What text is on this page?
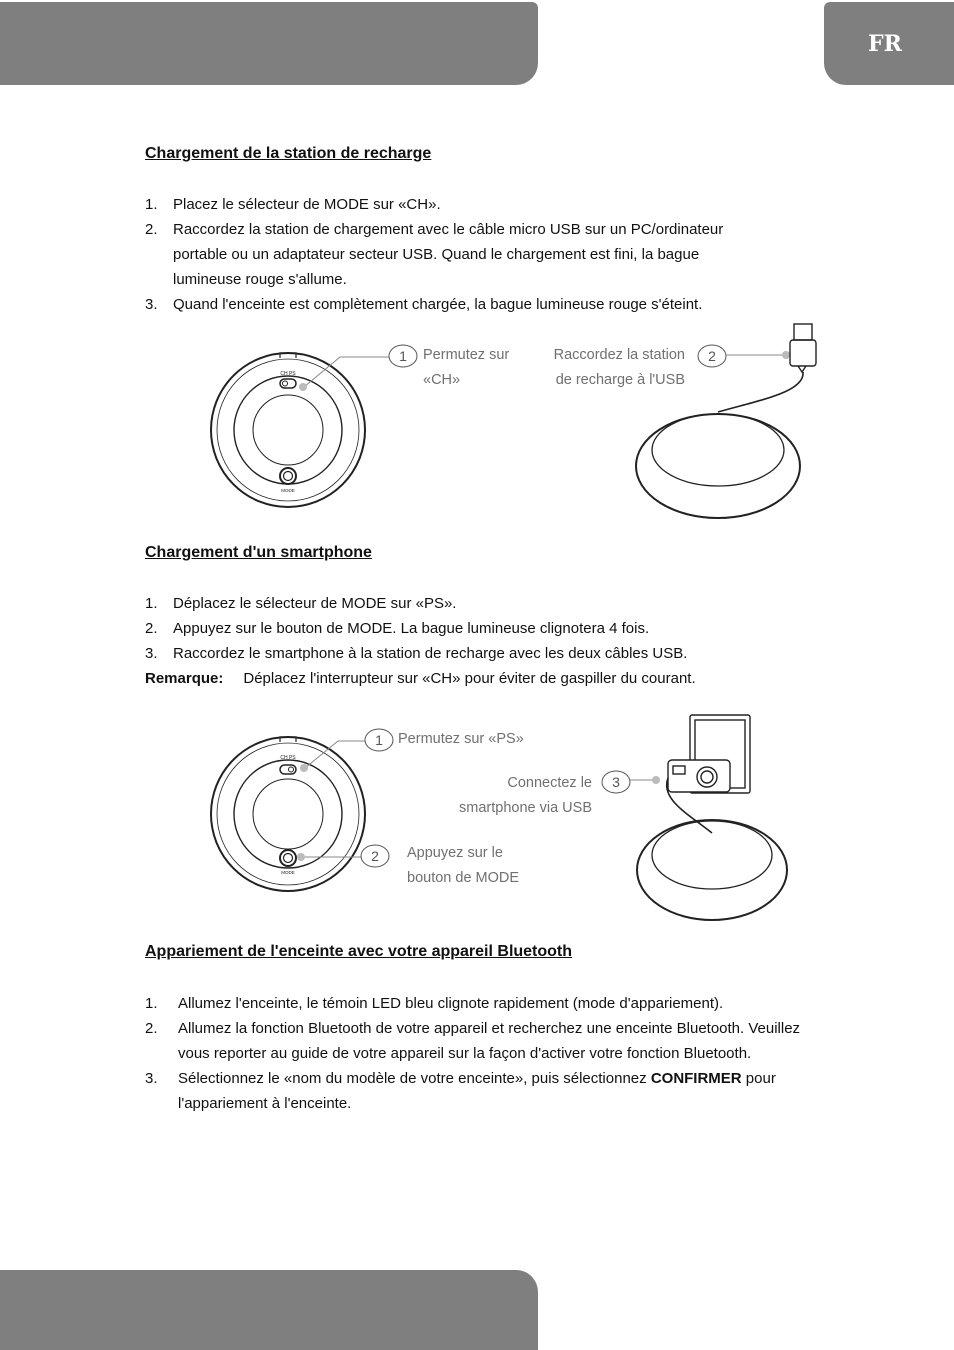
FR
Chargement de la station de recharge
1. Placez le sélecteur de MODE sur «CH».
2. Raccordez la station de chargement avec le câble micro USB sur un PC/ordinateur portable ou un adaptateur secteur USB. Quand le chargement est fini, la bague lumineuse rouge s'allume.
3. Quand l'enceinte est complètement chargée, la bague lumineuse rouge s'éteint.
CH PS
MODE
1	2
Permutez sur
«CH»
Raccordez la station
de recharge à l'USB
Chargement d'un smartphone
1. Déplacez le sélecteur de MODE sur «PS».
2. Appuyez sur le bouton de MODE. La bague lumineuse clignotera 4 fois.
3. Raccordez le smartphone à la station de recharge avec les deux câbles USB.
Remarque: Déplacez l'interrupteur sur «CH» pour éviter de gaspiller du courant.
CH PS
MODE
1
2
3
Permutez sur «PS»
Connectez le
smartphone via USB
Appuyez sur le
bouton de MODE
Appariement de l'enceinte avec votre appareil Bluetooth
1. Allumez l'enceinte, le témoin LED bleu clignote rapidement (mode d'appariement).
2. Allumez la fonction Bluetooth de votre appareil et recherchez une enceinte Bluetooth. Veuillez vous reporter au guide de votre appareil sur la façon d'activer votre fonction Bluetooth.
3. Sélectionnez le «nom du modèle de votre enceinte», puis sélectionnez CONFIRMER pour l'appariement à l'enceinte.
